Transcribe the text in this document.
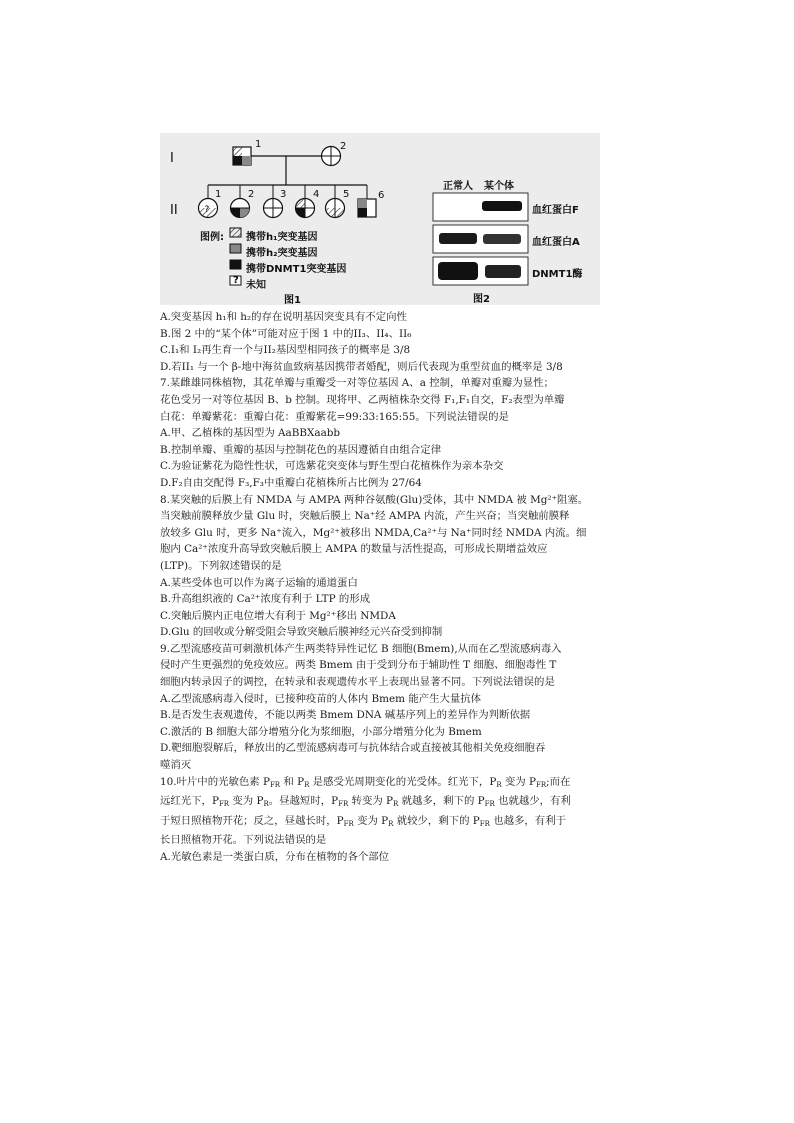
?
I
II
1	2
1	2	3	4 5	6
图例: 携带h₁突变基因
携带h₂突变基因
携带DNMT1突变基因
? 未知
图1
正常人 某个体
血红蛋白F
血红蛋白A
DNMT1酶
图2

A.突变基因 h₁和 h₂的存在说明基因突变具有不定向性

B.图 2 中的“某个体”可能对应于图 1 中的II₃、II₄、II₆

C.I₁和 I₂再生育一个与II₂基因型相同孩子的概率是 3/8

D.若II₁ 与一个 β-地中海贫血致病基因携带者婚配，则后代表现为重型贫血的概率是 3/8

7.某雌雄同株植物，其花单瓣与重瓣受一对等位基因 A、a 控制，单瓣对重瓣为显性；

花色受另一对等位基因 B、b 控制。现将甲、乙两植株杂交得 F₁,F₁自交，F₂表型为单瓣

白花：单瓣紫花：重瓣白花：重瓣紫花=99:33:165:55。下列说法错误的是

A.甲、乙植株的基因型为 AaBBXaabb

B.控制单瓣、重瓣的基因与控制花色的基因遵循自由组合定律

C.为验证紫花为隐性性状，可选紫花突变体与野生型白花植株作为亲本杂交

D.F₂自由交配得 F₃,F₃中重瓣白花植株所占比例为 27/64

8.某突触的后膜上有 NMDA 与 AMPA 两种谷氨酸(Glu)受体，其中 NMDA 被 Mg²⁺阻塞。

当突触前膜释放少量 Glu 时，突触后膜上 Na⁺经 AMPA 内流，产生兴奋；当突触前膜释

放较多 Glu 时，更多 Na⁺流入，Mg²⁺被移出 NMDA,Ca²⁺与 Na⁺同时经 NMDA 内流。细

胞内 Ca²⁺浓度升高导致突触后膜上 AMPA 的数量与活性提高，可形成长期增益效应

(LTP)。下列叙述错误的是

A.某些受体也可以作为离子运输的通道蛋白

B.升高组织液的 Ca²⁺浓度有利于 LTP 的形成

C.突触后膜内正电位增大有利于 Mg²⁺移出 NMDA

D.Glu 的回收或分解受阻会导致突触后膜神经元兴奋受到抑制

9.乙型流感疫苗可刺激机体产生两类特异性记忆 B 细胞(Bmem),从而在乙型流感病毒入

侵时产生更强烈的免疫效应。两类 Bmem 由于受到分布于辅助性 T 细胞、细胞毒性 T

细胞内转录因子的调控，在转录和表观遗传水平上表现出显著不同。下列说法错误的是

A.乙型流感病毒入侵时，已接种疫苗的人体内 Bmem 能产生大量抗体

B.是否发生表观遗传，不能以两类 Bmem DNA 碱基序列上的差异作为判断依据

C.激活的 B 细胞大部分增殖分化为浆细胞，小部分增殖分化为 Bmem

D.靶细胞裂解后，释放出的乙型流感病毒可与抗体结合或直接被其他相关免疫细胞吞

噬消灭

10.叶片中的光敏色素 $P_{FR}$ 和 $P_R$ 是感受光周期变化的光受体。红光下，$P_R$ 变为 $P_{FR}$;而在

远红光下，$P_{FR}$ 变为 $P_R$。昼越短时，$P_{FR}$ 转变为 $P_R$ 就越多，剩下的 $P_{FR}$ 也就越少，有利

于短日照植物开花；反之，昼越长时，$P_{FR}$ 变为 $P_R$ 就较少，剩下的 $P_{FR}$ 也越多，有利于

长日照植物开花。下列说法错误的是

A.光敏色素是一类蛋白质，分布在植物的各个部位
